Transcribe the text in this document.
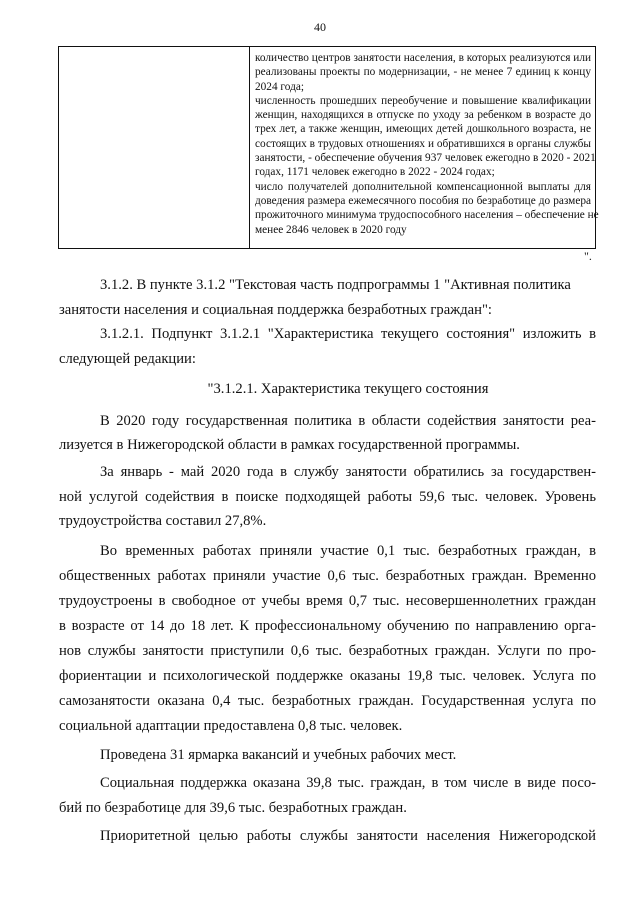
40
количество центров занятости населения, в которых реализуются или
реализованы проекты по модернизации, - не менее 7 единиц к концу
2024 года;
численность прошедших переобучение и повышение квалификации
женщин, находящихся в отпуске по уходу за ребенком в возрасте до
трех лет, а также женщин, имеющих детей дошкольного возраста, не
состоящих в трудовых отношениях и обратившихся в органы службы
занятости, - обеспечение обучения 937 человек ежегодно в 2020 - 2021
годах, 1171 человек ежегодно в 2022 - 2024 годах;
число получателей дополнительной компенсационной выплаты для
доведения размера ежемесячного пособия по безработице до размера
прожиточного минимума трудоспособного населения – обеспечение не
менее 2846 человек в 2020 году
".
3.1.2. В пункте 3.1.2 "Текстовая часть подпрограммы 1 "Активная политика
занятости населения и социальная поддержка безработных граждан":
3.1.2.1. Подпункт 3.1.2.1 "Характеристика текущего состояния" изложить в
следующей редакции:
"3.1.2.1. Характеристика текущего состояния
В 2020 году государственная политика в области содействия занятости реа-
лизуется в Нижегородской области в рамках государственной программы.
За январь - май 2020 года в службу занятости обратились за государствен-
ной услугой содействия в поиске подходящей работы 59,6 тыс. человек. Уровень
трудоустройства составил 27,8%.
Во временных работах приняли участие 0,1 тыс. безработных граждан, в
общественных работах приняли участие 0,6 тыс. безработных граждан. Временно
трудоустроены в свободное от учебы время 0,7 тыс. несовершеннолетних граждан
в возрасте от 14 до 18 лет. К профессиональному обучению по направлению орга-
нов службы занятости приступили 0,6 тыс. безработных граждан. Услуги по про-
фориентации и психологической поддержке оказаны 19,8 тыс. человек. Услуга по
самозанятости оказана 0,4 тыс. безработных граждан. Государственная услуга по
социальной адаптации предоставлена 0,8 тыс. человек.
Проведена 31 ярмарка вакансий и учебных рабочих мест.
Социальная поддержка оказана 39,8 тыс. граждан, в том числе в виде посо-
бий по безработице для 39,6 тыс. безработных граждан.
Приоритетной целью работы службы занятости населения Нижегородской
